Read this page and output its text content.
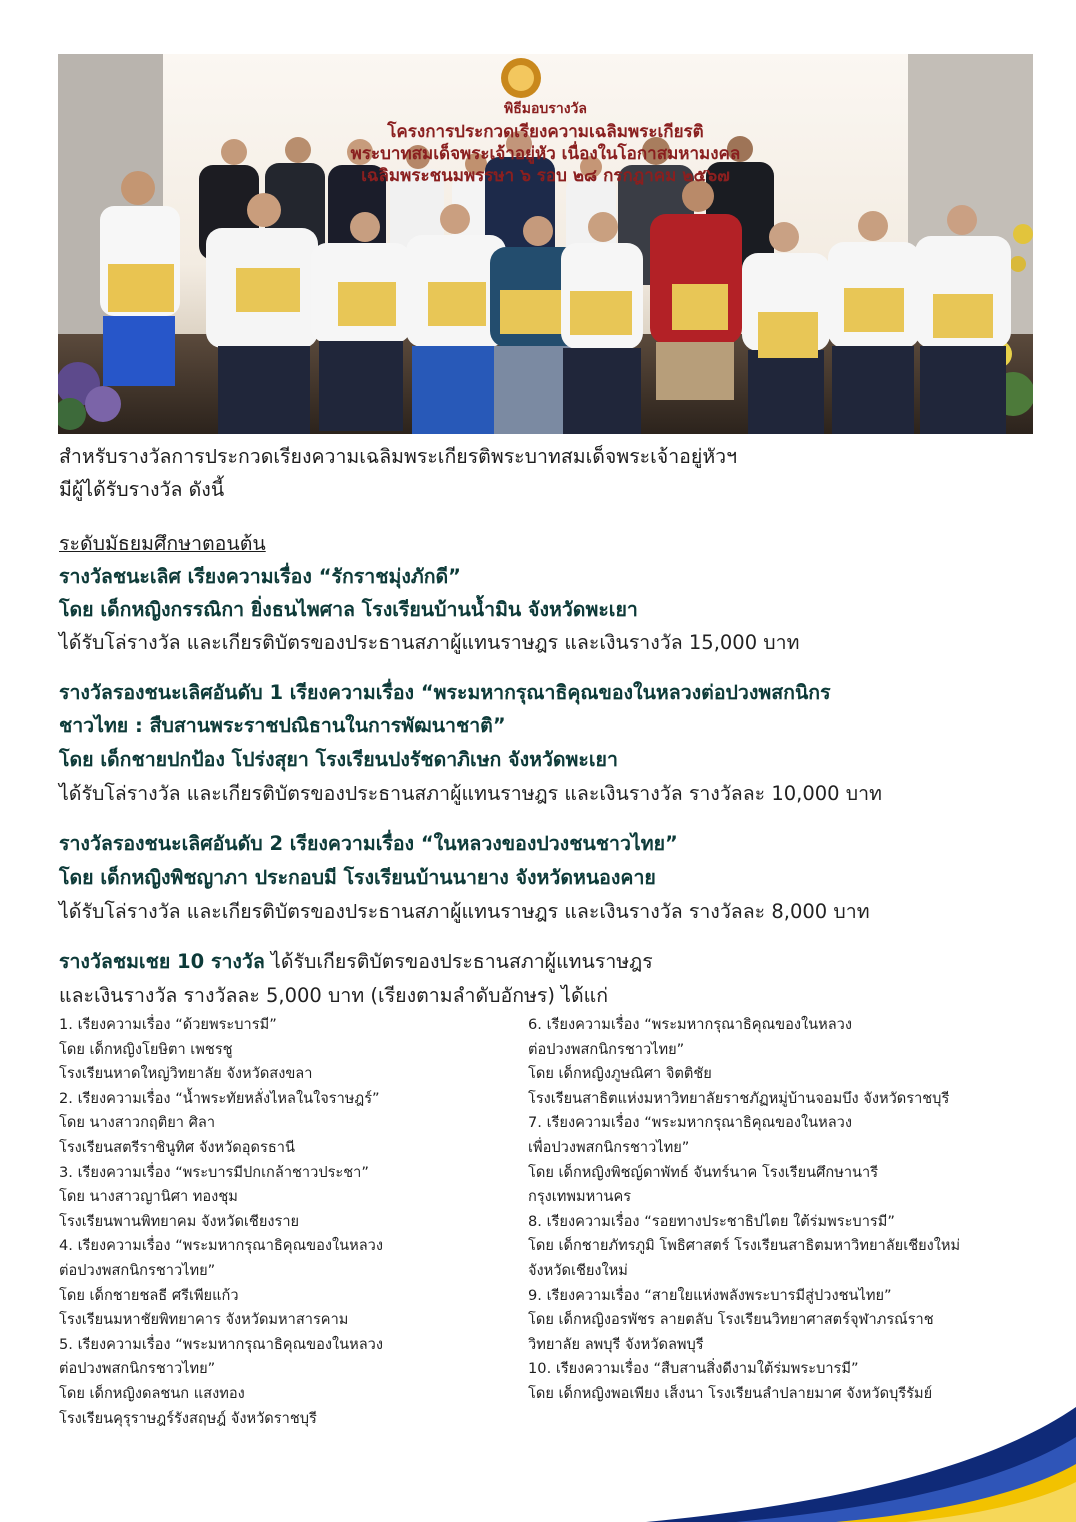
พิธีมอบรางวัล
โครงการประกวดเรียงความเฉลิมพระเกียรติ
พระบาทสมเด็จพระเจ้าอยู่หัว เนื่องในโอกาสมหามงคล
เฉลิมพระชนมพรรษา ๖ รอบ ๒๘ กรกฎาคม ๒๕๖๗
สำหรับรางวัลการประกวดเรียงความเฉลิมพระเกียรติพระบาทสมเด็จพระเจ้าอยู่หัวฯ
มีผู้ได้รับรางวัล ดังนี้
ระดับมัธยมศึกษาตอนต้น
รางวัลชนะเลิศ เรียงความเรื่อง “รักราชมุ่งภักดี”
โดย เด็กหญิงกรรณิกา ยิ่งธนไพศาล โรงเรียนบ้านน้ำมิน จังหวัดพะเยา
ได้รับโล่รางวัล และเกียรติบัตรของประธานสภาผู้แทนราษฎร และเงินรางวัล 15,000 บาท
รางวัลรองชนะเลิศอันดับ 1 เรียงความเรื่อง “พระมหากรุณาธิคุณของในหลวงต่อปวงพสกนิกร
ชาวไทย : สืบสานพระราชปณิธานในการพัฒนาชาติ”
โดย เด็กชายปกป้อง โปร่งสุยา โรงเรียนปงรัชดาภิเษก จังหวัดพะเยา
ได้รับโล่รางวัล และเกียรติบัตรของประธานสภาผู้แทนราษฎร และเงินรางวัล รางวัลละ 10,000 บาท
รางวัลรองชนะเลิศอันดับ 2 เรียงความเรื่อง “ในหลวงของปวงชนชาวไทย”
โดย เด็กหญิงพิชญาภา ประกอบมี โรงเรียนบ้านนายาง จังหวัดหนองคาย
ได้รับโล่รางวัล และเกียรติบัตรของประธานสภาผู้แทนราษฎร และเงินรางวัล รางวัลละ 8,000 บาท
รางวัลชมเชย 10 รางวัล ได้รับเกียรติบัตรของประธานสภาผู้แทนราษฎร
และเงินรางวัล รางวัลละ 5,000 บาท (เรียงตามลำดับอักษร) ได้แก่
1. เรียงความเรื่อง “ด้วยพระบารมี”
โดย เด็กหญิงโยษิตา เพชรชู
โรงเรียนหาดใหญ่วิทยาลัย จังหวัดสงขลา
2. เรียงความเรื่อง “น้ำพระทัยหลั่งไหลในใจราษฎร์”
โดย นางสาวกฤติยา ศิลา
โรงเรียนสตรีราชินูทิศ จังหวัดอุดรธานี
3. เรียงความเรื่อง “พระบารมีปกเกล้าชาวประชา”
โดย นางสาวญานิศา ทองชุม
โรงเรียนพานพิทยาคม จังหวัดเชียงราย
4. เรียงความเรื่อง “พระมหากรุณาธิคุณของในหลวง
ต่อปวงพสกนิกรชาวไทย”
โดย เด็กชายชลธี ศรีเพียแก้ว
โรงเรียนมหาชัยพิทยาคาร จังหวัดมหาสารคาม
5. เรียงความเรื่อง “พระมหากรุณาธิคุณของในหลวง
ต่อปวงพสกนิกรชาวไทย”
โดย เด็กหญิงดลชนก แสงทอง
โรงเรียนคุรุราษฎร์รังสฤษฎ์ จังหวัดราชบุรี
6. เรียงความเรื่อง “พระมหากรุณาธิคุณของในหลวง
ต่อปวงพสกนิกรชาวไทย”
โดย เด็กหญิงภูษณิศา จิตติชัย
โรงเรียนสาธิตแห่งมหาวิทยาลัยราชภัฏหมู่บ้านจอมบึง จังหวัดราชบุรี
7. เรียงความเรื่อง “พระมหากรุณาธิคุณของในหลวง
เพื่อปวงพสกนิกรชาวไทย”
โดย เด็กหญิงพิชญ์ดาพัทธ์ จันทร์นาค โรงเรียนศึกษานารี
กรุงเทพมหานคร
8. เรียงความเรื่อง “รอยทางประชาธิปไตย ใต้ร่มพระบารมี”
โดย เด็กชายภัทรภูมิ โพธิศาสตร์ โรงเรียนสาธิตมหาวิทยาลัยเชียงใหม่
จังหวัดเชียงใหม่
9. เรียงความเรื่อง “สายใยแห่งพลังพระบารมีสู่ปวงชนไทย”
โดย เด็กหญิงอรพัชร ลายตลับ โรงเรียนวิทยาศาสตร์จุฬาภรณ์ราช
วิทยาลัย ลพบุรี จังหวัดลพบุรี
10. เรียงความเรื่อง “สืบสานสิ่งดีงามใต้ร่มพระบารมี”
โดย เด็กหญิงพอเพียง เส็งนา โรงเรียนลำปลายมาศ จังหวัดบุรีรัมย์
